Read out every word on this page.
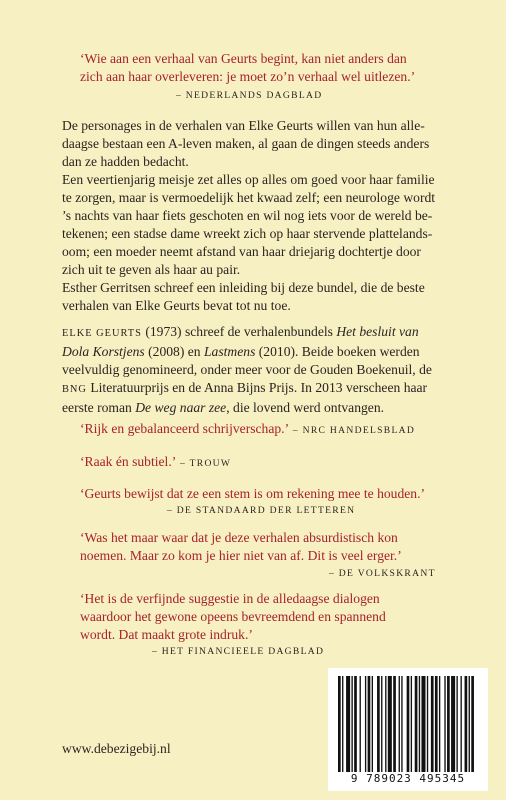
‘Wie aan een verhaal van Geurts begint, kan niet anders dan
zich aan haar overleveren: je moet zo’n verhaal wel uitlezen.’
– NEDERLANDS DAGBLAD
De personages in de verhalen van Elke Geurts willen van hun alle-
daagse bestaan een A-leven maken, al gaan de dingen steeds anders
dan ze hadden bedacht.
Een veertienjarig meisje zet alles op alles om goed voor haar familie
te zorgen, maar is vermoedelijk het kwaad zelf; een neurologe wordt
’s nachts van haar fiets geschoten en wil nog iets voor de wereld be-
tekenen; een stadse dame wreekt zich op haar stervende plattelands-
oom; een moeder neemt afstand van haar driejarig dochtertje door
zich uit te geven als haar au pair.
Esther Gerritsen schreef een inleiding bij deze bundel, die de beste
verhalen van Elke Geurts bevat tot nu toe.
ELKE GEURTS (1973) schreef de verhalenbundels Het besluit van
Dola Korstjens (2008) en Lastmens (2010). Beide boeken werden
veelvuldig genomineerd, onder meer voor de Gouden Boekenuil, de
BNG Literatuurprijs en de Anna Bijns Prijs. In 2013 verscheen haar
eerste roman De weg naar zee, die lovend werd ontvangen.
‘Rijk en gebalanceerd schrijverschap.’ – NRC HANDELSBLAD
‘Raak én subtiel.’ – TROUW
‘Geurts bewijst dat ze een stem is om rekening mee te houden.’
– DE STANDAARD DER LETTEREN
‘Was het maar waar dat je deze verhalen absurdistisch kon
noemen. Maar zo kom je hier niet van af. Dit is veel erger.’
– DE VOLKSKRANT
‘Het is de verfijnde suggestie in de alledaagse dialogen
waardoor het gewone opeens bevreemdend en spannend
wordt. Dat maakt grote indruk.’
– HET FINANCIEELE DAGBLAD
www.debezigebij.nl
9 789023 495345
